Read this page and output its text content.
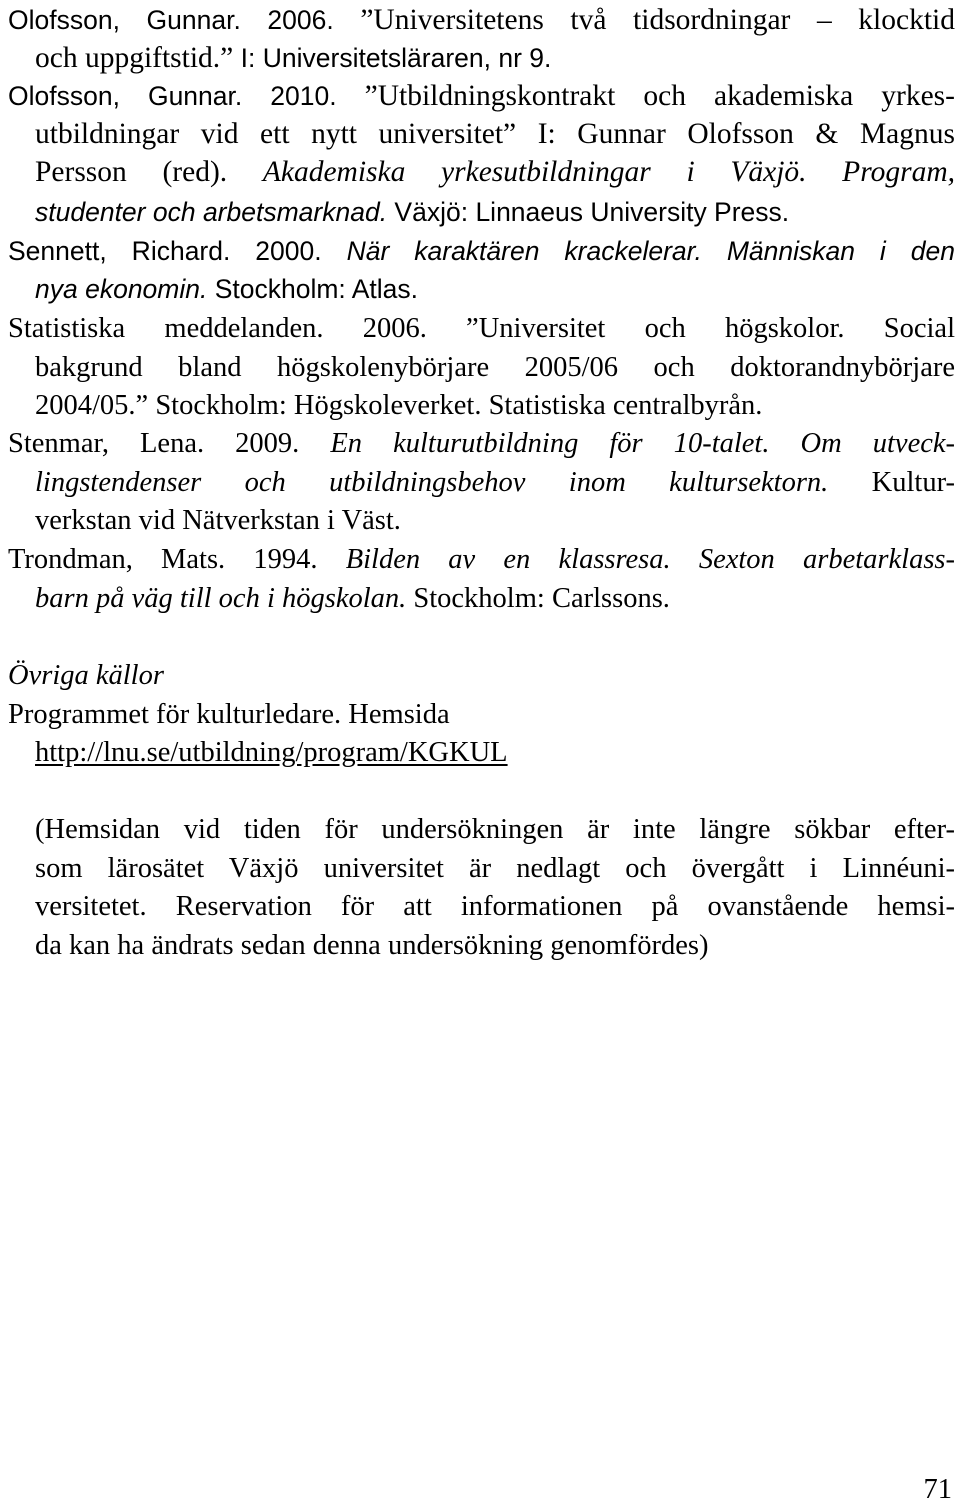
Olofsson, Gunnar. 2006. ”Universitetens två tidsordningar – klocktid
och uppgiftstid.” I: Universitetsläraren, nr 9.
Olofsson, Gunnar. 2010. ”Utbildningskontrakt och akademiska yrkes-
utbildningar vid ett nytt universitet” I: Gunnar Olofsson & Magnus
Persson (red). Akademiska yrkesutbildningar i Växjö. Program,
studenter och arbetsmarknad. Växjö: Linnaeus University Press.
Sennett, Richard. 2000. När karaktären krackelerar. Människan i den
nya ekonomin. Stockholm: Atlas.
Statistiska meddelanden. 2006. ”Universitet och högskolor. Social
bakgrund bland högskolenybörjare 2005/06 och doktorandnybörjare
2004/05.” Stockholm: Högskoleverket. Statistiska centralbyrån.
Stenmar, Lena. 2009. En kulturutbildning för 10-talet. Om utveck-
lingstendenser och utbildningsbehov inom kultursektorn. Kultur-
verkstan vid Nätverkstan i Väst.
Trondman, Mats. 1994. Bilden av en klassresa. Sexton arbetarklass-
barn på väg till och i högskolan. Stockholm: Carlssons.
Övriga källor
Programmet för kulturledare. Hemsida
http://lnu.se/utbildning/program/KGKUL
(Hemsidan vid tiden för undersökningen är inte längre sökbar efter-
som lärosätet Växjö universitet är nedlagt och övergått i Linnéuni-
versitetet. Reservation för att informationen på ovanstående hemsi-
da kan ha ändrats sedan denna undersökning genomfördes)
71
